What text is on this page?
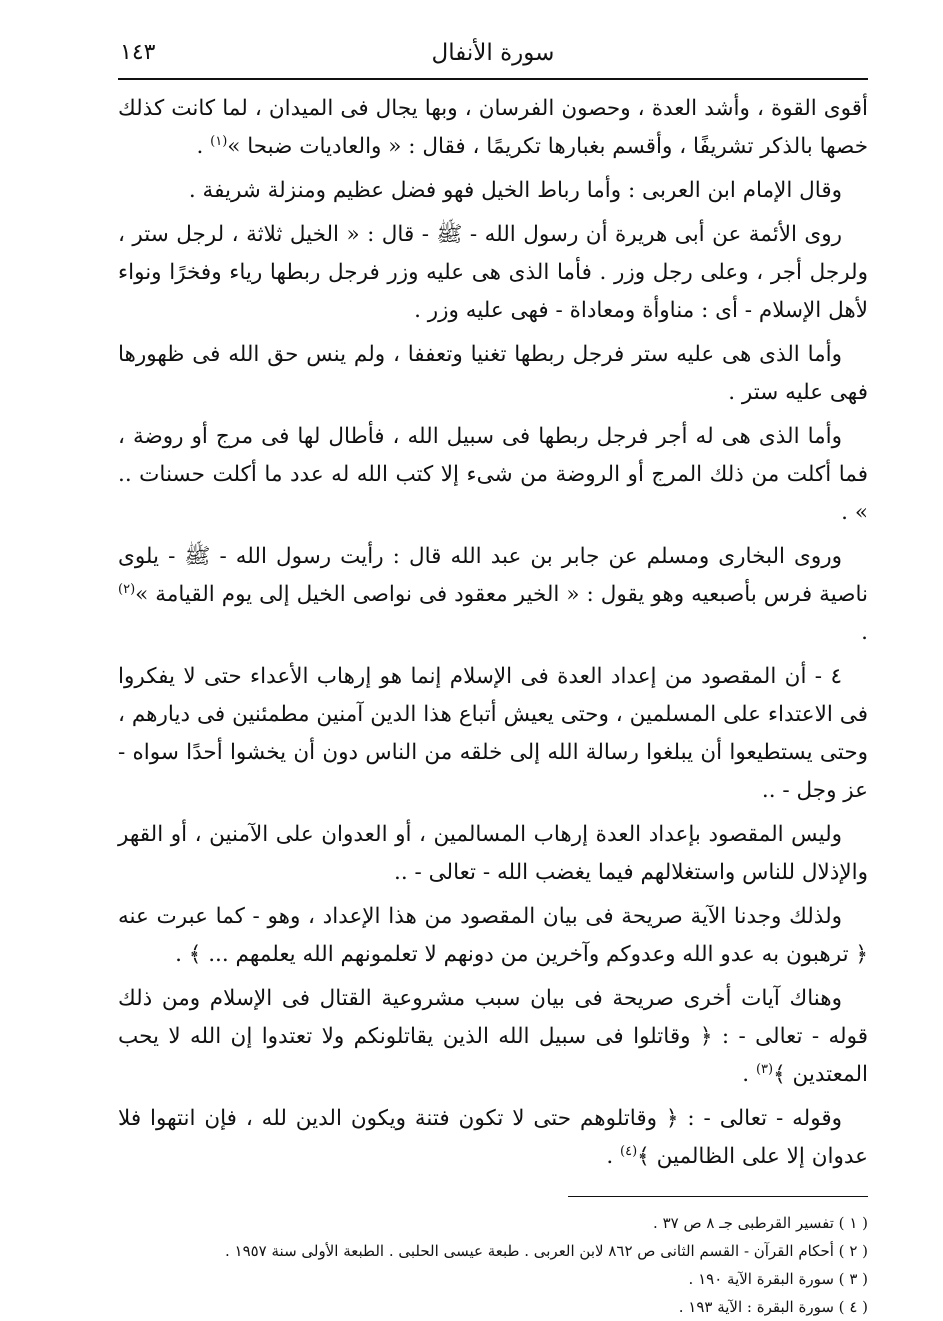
سورة الأنفال
١٤٣

أقوى القوة ، وأشد العدة ، وحصون الفرسان ، وبها يجال فى الميدان ، لما كانت كذلك خصها بالذكر تشريفًا ، وأقسم بغبارها تكريمًا ، فقال : « والعاديات ضبحا »$^{(١)}$ .

وقال الإمام ابن العربى : وأما رباط الخيل فهو فضل عظيم ومنزلة شريفة .

روى الأئمة عن أبى هريرة أن رسول الله - ﷺ - قال : « الخيل ثلاثة ، لرجل ستر ، ولرجل أجر ، وعلى رجل وزر . فأما الذى هى عليه وزر فرجل ربطها رياء وفخرًا ونواء لأهل الإسلام - أى : مناوأة ومعاداة - فهى عليه وزر .

وأما الذى هى عليه ستر فرجل ربطها تغنيا وتعففا ، ولم ينس حق الله فى ظهورها فهى عليه ستر .

وأما الذى هى له أجر فرجل ربطها فى سبيل الله ، فأطال لها فى مرج أو روضة ، فما أكلت من ذلك المرج أو الروضة من شىء إلا كتب الله له عدد ما أكلت حسنات .. » .

وروى البخارى ومسلم عن جابر بن عبد الله قال : رأيت رسول الله - ﷺ - يلوى ناصية فرس بأصبعيه وهو يقول : « الخير معقود فى نواصى الخيل إلى يوم القيامة »$^{(٢)}$ .

٤ - أن المقصود من إعداد العدة فى الإسلام إنما هو إرهاب الأعداء حتى لا يفكروا فى الاعتداء على المسلمين ، وحتى يعيش أتباع هذا الدين آمنين مطمئنين فى ديارهم ، وحتى يستطيعوا أن يبلغوا رسالة الله إلى خلقه من الناس دون أن يخشوا أحدًا سواه - عز وجل - ..

وليس المقصود بإعداد العدة إرهاب المسالمين ، أو العدوان على الآمنين ، أو القهر والإذلال للناس واستغلالهم فيما يغضب الله - تعالى - ..

ولذلك وجدنا الآية صريحة فى بيان المقصود من هذا الإعداد ، وهو - كما عبرت عنه ﴿ ترهبون به عدو الله وعدوكم وآخرين من دونهم لا تعلمونهم الله يعلمهم ... ﴾ .

وهناك آيات أخرى صريحة فى بيان سبب مشروعية القتال فى الإسلام ومن ذلك قوله - تعالى - : ﴿ وقاتلوا فى سبيل الله الذين يقاتلونكم ولا تعتدوا إن الله لا يحب المعتدين ﴾$^{(٣)}$ .

وقوله - تعالى - : ﴿ وقاتلوهم حتى لا تكون فتنة ويكون الدين لله ، فإن انتهوا فلا عدوان إلا على الظالمين ﴾$^{(٤)}$ .

( ١ ) تفسير القرطبى جـ ٨ ص ٣٧ .

( ٢ ) أحكام القرآن - القسم الثانى ص ٨٦٢ لابن العربى . طبعة عيسى الحلبى . الطبعة الأولى سنة ١٩٥٧ .

( ٣ ) سورة البقرة الآية ١٩٠ .

( ٤ ) سورة البقرة : الآية ١٩٣ .
